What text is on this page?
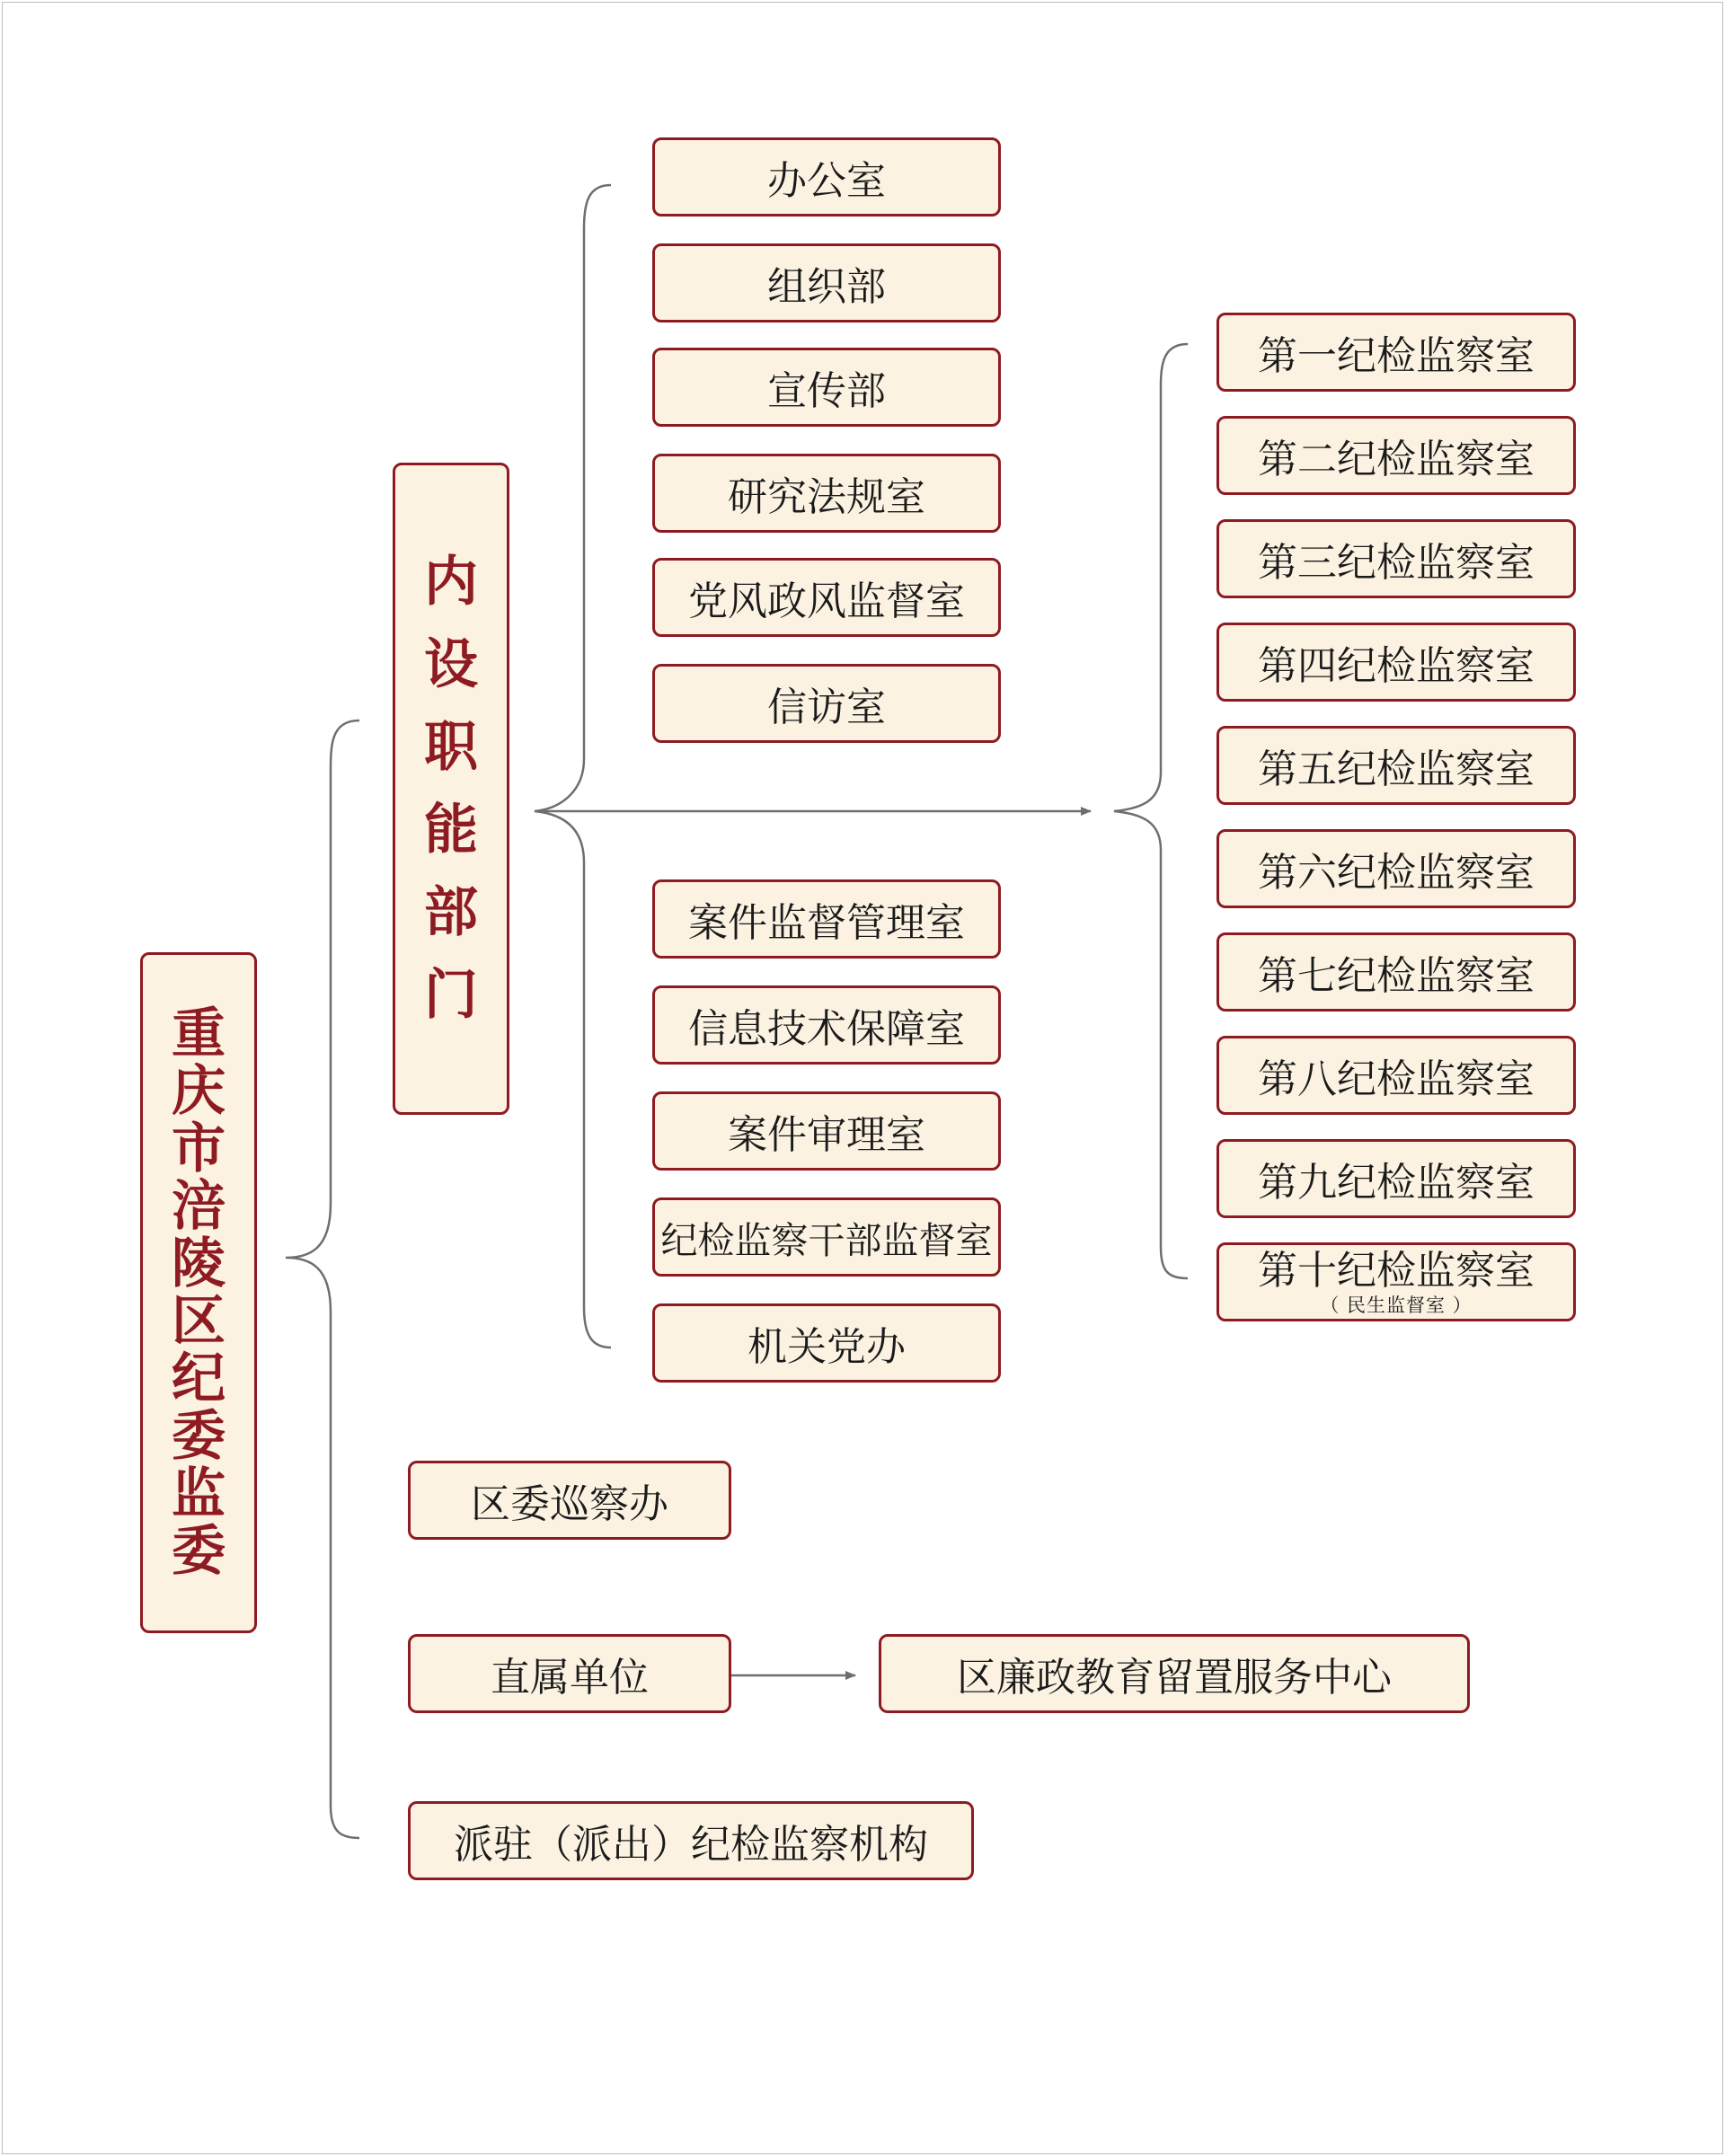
重
庆
市
涪
陵
区
纪
委
监
委
内
设
职
能
部
门
办公室
组织部
宣传部
研究法规室
党风政风监督室
信访室
案件监督管理室
信息技术保障室
案件审理室
纪检监察干部监督室
机关党办
第一纪检监察室
第二纪检监察室
第三纪检监察室
第四纪检监察室
第五纪检监察室
第六纪检监察室
第七纪检监察室
第八纪检监察室
第九纪检监察室
第十纪检监察室
（ 民生监督室 ）
区委巡察办
直属单位	区廉政教育留置服务中心
派驻（派出）纪检监察机构
